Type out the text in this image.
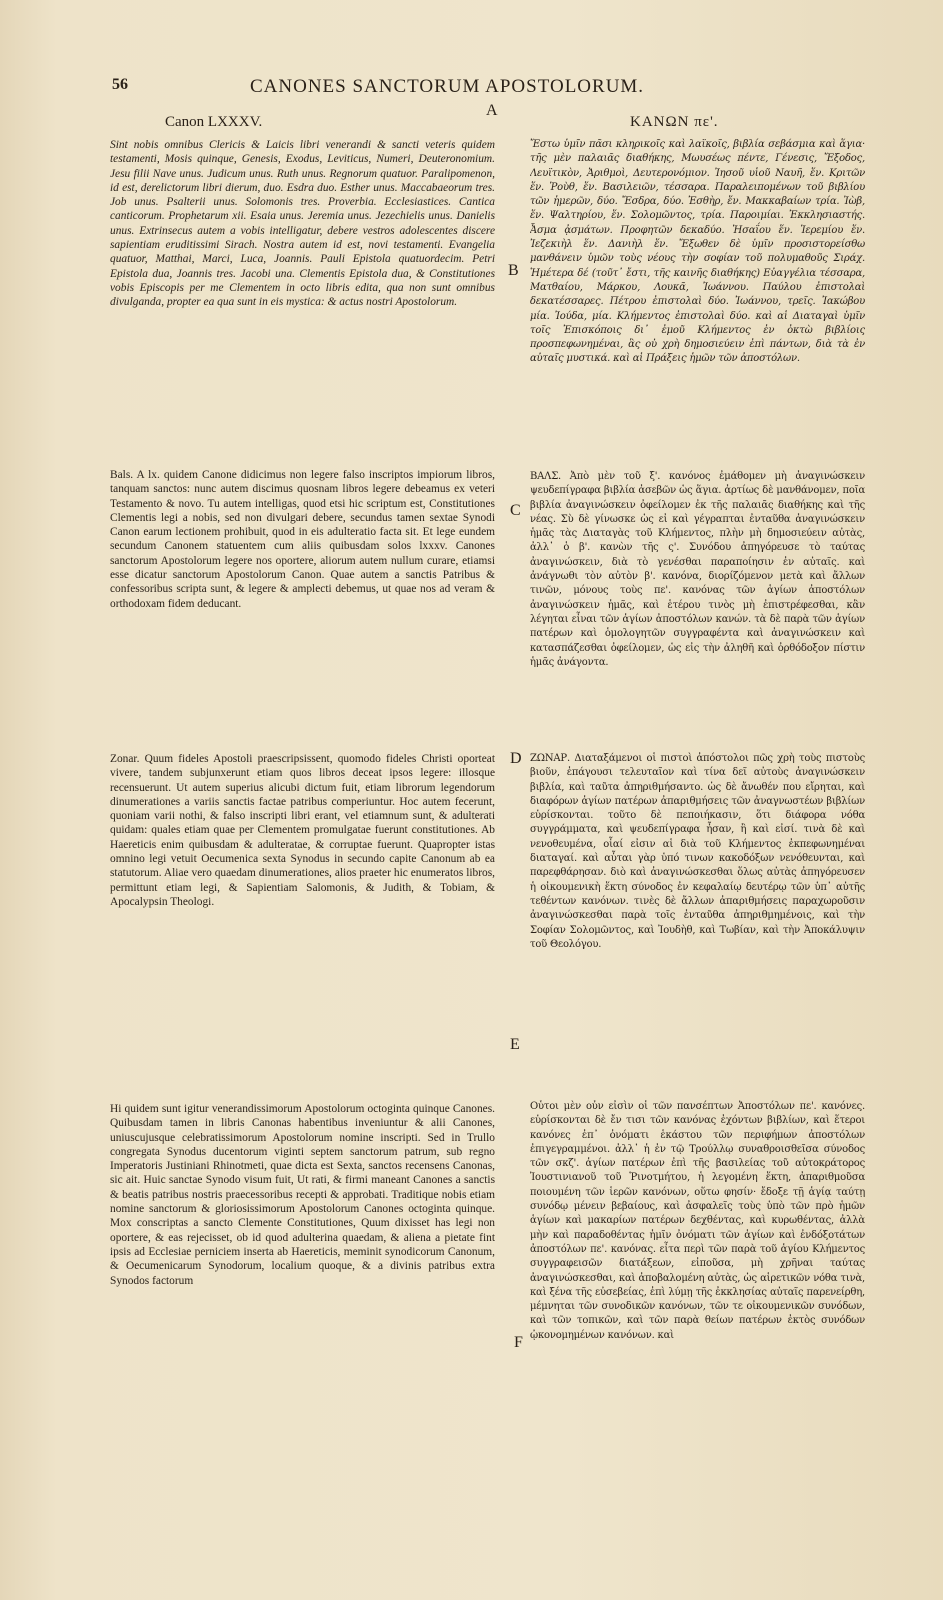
56	CANONES SANCTORUM APOSTOLORUM.
A
B
C
D
E
F
Canon LXXXV.	ΚΑΝΩΝ πε'.

Sint nobis omnibus Clericis & Laicis libri venerandi & sancti veteris quidem testamenti, Mosis quinque, Genesis, Exodus, Leviticus, Numeri, Deuteronomium. Jesu filii Nave unus. Judicum unus. Ruth unus. Regnorum quatuor. Paralipomenon, id est, derelictorum libri dierum, duo. Esdra duo. Esther unus. Maccabaeorum tres. Job unus. Psalterii unus. Solomonis tres. Proverbia. Ecclesiastices. Cantica canticorum. Prophetarum xii. Esaia unus. Jeremia unus. Jezechielis unus. Danielis unus. Extrinsecus autem a vobis intelligatur, debere vestros adolescentes discere sapientiam eruditissimi Sirach. Nostra autem id est, novi testamenti. Evangelia quatuor, Matthai, Marci, Luca, Joannis. Pauli Epistola quatuordecim. Petri Epistola dua, Joannis tres. Jacobi una. Clementis Epistola dua, & Constitutiones vobis Episcopis per me Clementem in octo libris edita, qua non sunt omnibus divulganda, propter ea qua sunt in eis mystica: & actus nostri Apostolorum.

Bals. A lx. quidem Canone didicimus non legere falso inscriptos impiorum libros, tanquam sanctos: nunc autem discimus quosnam libros legere debeamus ex veteri Testamento & novo. Tu autem intelligas, quod etsi hic scriptum est, Constitutiones Clementis legi a nobis, sed non divulgari debere, secundus tamen sextae Synodi Canon earum lectionem prohibuit, quod in eis adulteratio facta sit. Et lege eundem secundum Canonem statuentem cum aliis quibusdam solos lxxxv. Canones sanctorum Apostolorum legere nos oportere, aliorum autem nullum curare, etiamsi esse dicatur sanctorum Apostolorum Canon. Quae autem a sanctis Patribus & confessoribus scripta sunt, & legere & amplecti debemus, ut quae nos ad veram & orthodoxam fidem deducant.

Zonar. Quum fideles Apostoli praescripsissent, quomodo fideles Christi oporteat vivere, tandem subjunxerunt etiam quos libros deceat ipsos legere: illosque recensuerunt. Ut autem superius alicubi dictum fuit, etiam librorum legendorum dinumerationes a variis sanctis factae patribus comperiuntur. Hoc autem fecerunt, quoniam varii nothi, & falso inscripti libri erant, vel etiamnum sunt, & adulterati quidam: quales etiam quae per Clementem promulgatae fuerunt constitutiones. Ab Haereticis enim quibusdam & adulteratae, & corruptae fuerunt. Quapropter istas omnino legi vetuit Oecumenica sexta Synodus in secundo capite Canonum ab ea statutorum. Aliae vero quaedam dinumerationes, alios praeter hic enumeratos libros, permittunt etiam legi, & Sapientiam Salomonis, & Judith, & Tobiam, & Apocalypsin Theologi.

Hi quidem sunt igitur venerandissimorum Apostolorum octoginta quinque Canones. Quibusdam tamen in libris Canonas habentibus inveniuntur & alii Canones, uniuscujusque celebratissimorum Apostolorum nomine inscripti. Sed in Trullo congregata Synodus ducentorum viginti septem sanctorum patrum, sub regno Imperatoris Justiniani Rhinotmeti, quae dicta est Sexta, sanctos recensens Canonas, sic ait. Huic sanctae Synodo visum fuit, Ut rati, & firmi maneant Canones a sanctis & beatis patribus nostris praecessoribus recepti & approbati. Traditique nobis etiam nomine sanctorum & gloriosissimorum Apostolorum Canones octoginta quinque. Mox conscriptas a sancto Clemente Constitutiones, Quum dixisset has legi non oportere, & eas rejecisset, ob id quod adulterina quaedam, & aliena a pietate fint ipsis ad Ecclesiae perniciem inserta ab Haereticis, meminit synodicorum Canonum, & Oecumenicarum Synodorum, localium quoque, & a divinis patribus extra Synodos factorum

Ἔστω ὑμῖν πᾶσι κληρικοῖς καὶ λαϊκοῖς, βιβλία σεβάσμια καὶ ἅγια· τῆς μὲν παλαιᾶς διαθήκης, Μωυσέως πέντε, Γένεσις, Ἔξοδος, Λευϊτικὸν, Ἀριθμοὶ, Δευτερονόμιον. Ἰησοῦ υἱοῦ Ναυῆ, ἕν. Κριτῶν ἕν. Ῥοὺθ, ἕν. Βασιλειῶν, τέσσαρα. Παραλειπομένων τοῦ βιβλίου τῶν ἡμερῶν, δύο. Ἔσδρα, δύο. Ἐσθὴρ, ἕν. Μακκαβαίων τρία. Ἰὼβ, ἕν. Ψαλτηρίου, ἕν. Σολομῶντος, τρία. Παροιμίαι. Ἐκκλησιαστής. Ἆσμα ᾀσμάτων. Προφητῶν δεκαδύο. Ἡσαΐου ἕν. Ἱερεμίου ἕν. Ἰεζεκιὴλ ἕν. Δανιὴλ ἕν. Ἔξωθεν δὲ ὑμῖν προσιστορείσθω μανθάνειν ὑμῶν τοὺς νέους τὴν σοφίαν τοῦ πολυμαθοῦς Σιράχ. Ἡμέτερα δέ (τοῦτ᾽ ἔστι, τῆς καινῆς διαθήκης) Εὐαγγέλια τέσσαρα, Ματθαίου, Μάρκου, Λουκᾶ, Ἰωάννου. Παύλου ἐπιστολαὶ δεκατέσσαρες. Πέτρου ἐπιστολαὶ δύο. Ἰωάννου, τρεῖς. Ἰακώβου μία. Ἰούδα, μία. Κλήμεντος ἐπιστολαὶ δύο. καὶ αἱ Διαταγαὶ ὑμῖν τοῖς Ἐπισκόποις δι᾽ ἐμοῦ Κλήμεντος ἐν ὀκτὼ βιβλίοις προσπεφωνημέναι, ἃς οὐ χρὴ δημοσιεύειν ἐπὶ πάντων, διὰ τὰ ἐν αὐταῖς μυστικά. καὶ αἱ Πράξεις ἡμῶν τῶν ἀποστόλων.

ΒΑΛΣ. Ἀπὸ μὲν τοῦ ξ'. κανόνος ἐμάθομεν μὴ ἀναγινώσκειν ψευδεπίγραφα βιβλία ἀσεβῶν ὡς ἅγια. ἀρτίως δὲ μανθάνομεν, ποῖα βιβλία ἀναγινώσκειν ὀφείλομεν ἐκ τῆς παλαιᾶς διαθήκης καὶ τῆς νέας. Σὺ δὲ γίνωσκε ὡς εἰ καὶ γέγραπται ἐνταῦθα ἀναγινώσκειν ἡμᾶς τὰς Διαταγὰς τοῦ Κλήμεντος, πλὴν μὴ δημοσιεύειν αὐτὰς, ἀλλ᾽ ὁ β'. κανὼν τῆς ς'. Συνόδου ἀπηγόρευσε τὸ ταύτας ἀναγινώσκειν, διὰ τὸ γενέσθαι παραποίησιν ἐν αὐταῖς. καὶ ἀνάγνωθι τὸν αὐτὸν β'. κανόνα, διορίζόμενον μετὰ καὶ ἄλλων τινῶν, μόνους τοὺς πε'. κανόνας τῶν ἁγίων ἀποστόλων ἀναγινώσκειν ἡμᾶς, καὶ ἑτέρου τινὸς μὴ ἐπιστρέφεσθαι, κἂν λέγηται εἶναι τῶν ἁγίων ἀποστόλων κανών. τὰ δὲ παρὰ τῶν ἁγίων πατέρων καὶ ὁμολογητῶν συγγραφέντα καὶ ἀναγινώσκειν καὶ κατασπάζεσθαι ὀφείλομεν, ὡς εἰς τὴν ἀληθῆ καὶ ὀρθόδοξον πίστιν ἡμᾶς ἀνάγοντα.

ΖΩΝΑΡ. Διαταξάμενοι οἱ πιστοὶ ἀπόστολοι πῶς χρὴ τοὺς πιστοὺς βιοῦν, ἐπάγουσι τελευταῖον καὶ τίνα δεῖ αὐτοὺς ἀναγινώσκειν βιβλία, καὶ ταῦτα ἀπηριθμήσαντο. ὡς δὲ ἄνωθέν που εἴρηται, καὶ διαφόρων ἁγίων πατέρων ἀπαριθμήσεις τῶν ἀναγνωστέων βιβλίων εὑρίσκονται. τοῦτο δὲ πεποιήκασιν, ὅτι διάφορα νόθα συγγράμματα, καὶ ψευδεπίγραφα ἦσαν, ἢ καὶ εἰσί. τινὰ δὲ καὶ νενοθευμένα, οἷαί εἰσιν αἱ διὰ τοῦ Κλήμεντος ἐκπεφωνημέναι διαταγαί. καὶ αὗται γὰρ ὑπό τινων κακοδόξων νενόθευνται, καὶ παρεφθάρησαν. διὸ καὶ ἀναγινώσκεσθαι ὅλως αὐτὰς ἀπηγόρευσεν ἡ οἰκουμενικὴ ἕκτη σύνοδος ἐν κεφαλαίῳ δευτέρῳ τῶν ὑπ᾽ αὐτῆς τεθέντων κανόνων. τινὲς δὲ ἄλλων ἀπαριθμήσεις παραχωροῦσιν ἀναγινώσκεσθαι παρὰ τοῖς ἐνταῦθα ἀπηριθμημένοις, καὶ τὴν Σοφίαν Σολομῶντος, καὶ Ἰουδὴθ, καὶ Τωβίαν, καὶ τὴν Ἀποκάλυψιν τοῦ Θεολόγου.

Οὗτοι μὲν οὖν εἰσὶν οἱ τῶν πανσέπτων Ἀποστόλων πε'. κανόνες. εὑρίσκονται δὲ ἔν τισι τῶν κανόνας ἐχόντων βιβλίων, καὶ ἕτεροι κανόνες ἐπ᾽ ὀνόματι ἑκάστου τῶν περιφήμων ἀποστόλων ἐπιγεγραμμένοι. ἀλλ᾽ ἡ ἐν τῷ Τρούλλῳ συναθροισθεῖσα σύνοδος τῶν σκζ'. ἁγίων πατέρων ἐπὶ τῆς βασιλείας τοῦ αὐτοκράτορος Ἰουστινιανοῦ τοῦ Ῥινοτμήτου, ἡ λεγομένη ἕκτη, ἀπαριθμοῦσα ποιουμένη τῶν ἱερῶν κανόνων, οὕτω φησίν· ἔδοξε τῇ ἁγίᾳ ταύτῃ συνόδῳ μένειν βεβαίους, καὶ ἀσφαλεῖς τοὺς ὑπὸ τῶν πρὸ ἡμῶν ἁγίων καὶ μακαρίων πατέρων δεχθέντας, καὶ κυρωθέντας, ἀλλὰ μὴν καὶ παραδοθέντας ἡμῖν ὀνόματι τῶν ἁγίων καὶ ἐνδόξοτάτων ἀποστόλων πε'. κανόνας. εἶτα περὶ τῶν παρὰ τοῦ ἁγίου Κλήμεντος συγγραφεισῶν διατάξεων, εἰποῦσα, μὴ χρῆναι ταύτας ἀναγινώσκεσθαι, καὶ ἀποβαλομένη αὐτὰς, ὡς αἱρετικῶν νόθα τινὰ, καὶ ξένα τῆς εὐσεβείας, ἐπὶ λύμῃ τῆς ἐκκλησίας αὐταῖς παρενείρθη, μέμνηται τῶν συνοδικῶν κανόνων, τῶν τε οἰκουμενικῶν συνόδων, καὶ τῶν τοπικῶν, καὶ τῶν παρὰ θείων πατέρων ἐκτὸς συνόδων ᾠκονομημένων κανόνων. καὶ
